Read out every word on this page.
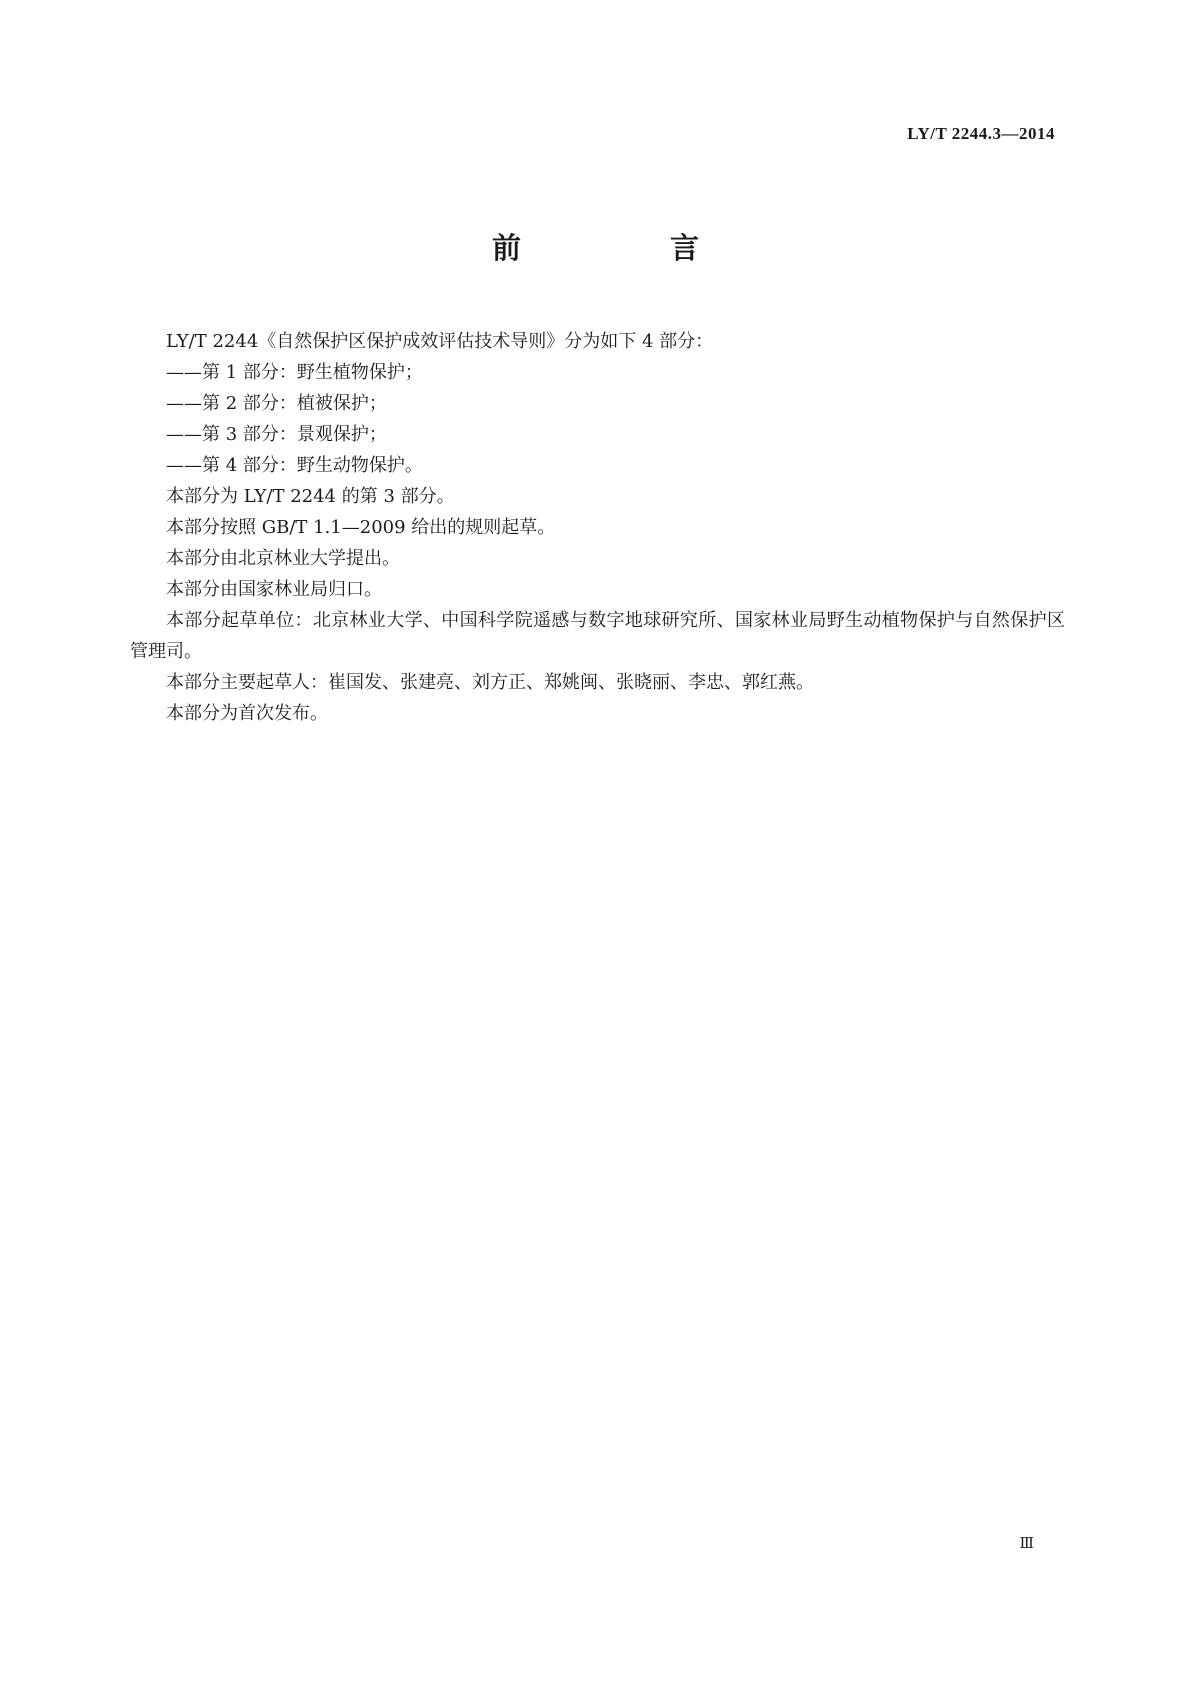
LY/T 2244.3—2014
前　言

LY/T 2244《自然保护区保护成效评估技术导则》分为如下 4 部分：

——第 1 部分：野生植物保护；

——第 2 部分：植被保护；

——第 3 部分：景观保护；

——第 4 部分：野生动物保护。

本部分为 LY/T 2244 的第 3 部分。

本部分按照 GB/T 1.1—2009 给出的规则起草。

本部分由北京林业大学提出。

本部分由国家林业局归口。

本部分起草单位：北京林业大学、中国科学院遥感与数字地球研究所、国家林业局野生动植物保护与自然保护区管理司。

本部分主要起草人：崔国发、张建亮、刘方正、郑姚闽、张晓丽、李忠、郭红燕。

本部分为首次发布。

Ⅲ
